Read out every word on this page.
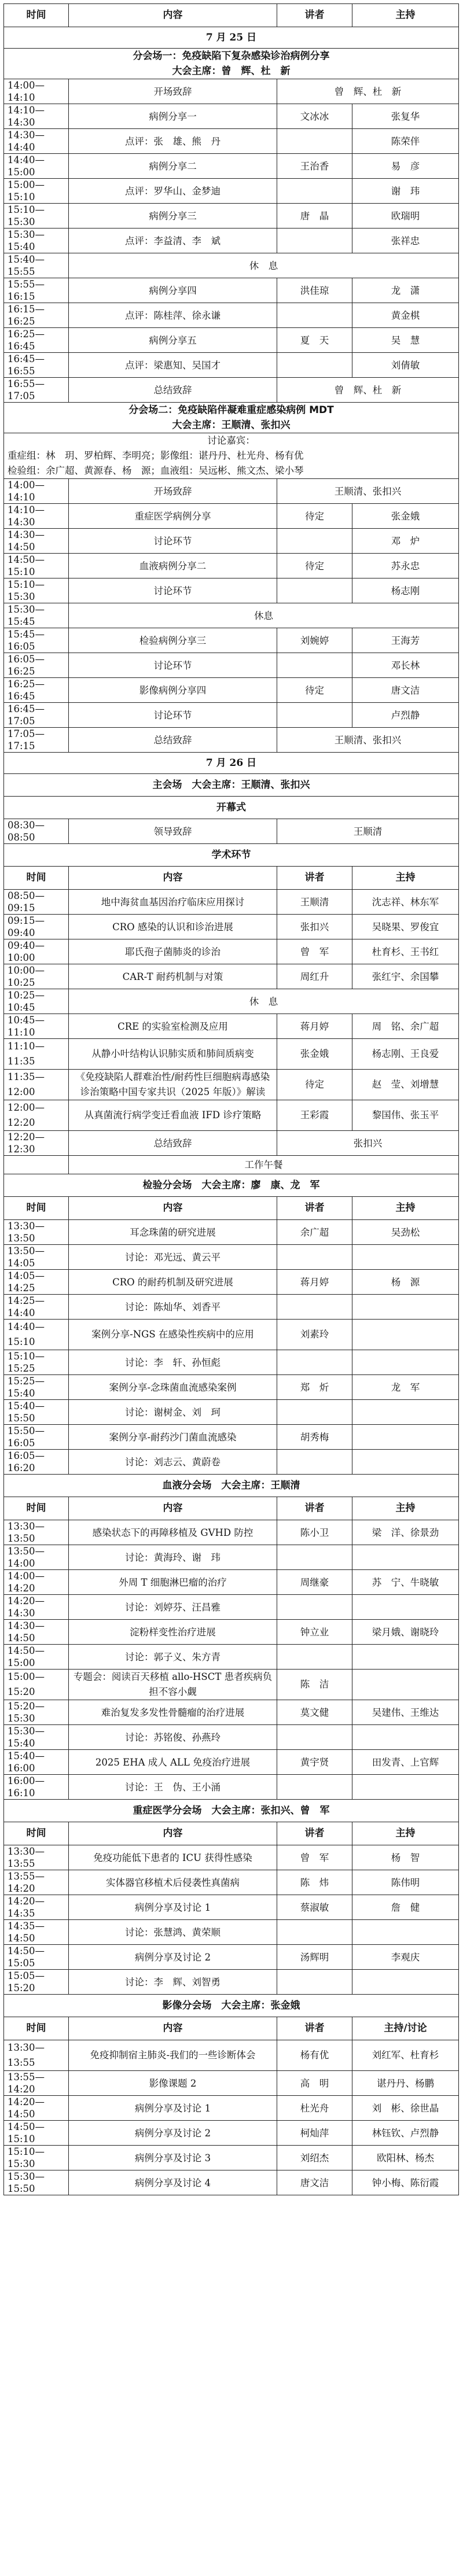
时间	内容	讲者	主持
7 月 25 日			

分会场一：免疫缺陷下复杂感染诊治病例分享
大会主席：曾　辉、杜　新			

14:00—14:10	开场致辞	曾　辉、杜　新	
14:10—14:30	病例分享一	文冰冰	张复华
14:30—14:40	点评：张　雄、熊　丹		陈荣伴
14:40—15:00	病例分享二	王治香	易　彦
15:00—15:10	点评：罗华山、金梦迪		谢　玮
15:10—15:30	病例分享三	唐　晶	欧瑞明
15:30—15:40	点评：李益清、李　斌		张祥忠
15:40—15:55	休　息		
15:55—16:15	病例分享四	洪佳琼	龙　潇
16:15—16:25	点评：陈桂萍、徐永谦		黄金棋
16:25—16:45	病例分享五	夏　天	吴　慧
16:45—16:55	点评：梁惠知、吴国才		刘倩敏
16:55—17:05	总结致辞	曾　辉、杜　新	

分会场二：免疫缺陷伴凝难重症感染病例 MDT
大会主席：王顺清、张扣兴			

讨论嘉宾：
重症组：林　玥、罗柏辉、李明亮；影像组：谌丹丹、杜光舟、杨有优
检验组：余广超、黄源春、杨　源；血液组：吴远彬、熊文杰、梁小琴			

14:00—14:10	开场致辞	王顺清、张扣兴	
14:10—14:30	重症医学病例分享	待定	张金娥
14:30—14:50	讨论环节		邓　炉
14:50—15:10	血液病例分享二	待定	苏永忠
15:10—15:30	讨论环节		杨志刚
15:30—15:45	休息		
15:45—16:05	检验病例分享三	刘婉婷	王海芳
16:05—16:25	讨论环节		邓长林
16:25—16:45	影像病例分享四	待定	唐文洁
16:45—17:05	讨论环节		卢烈静
17:05—17:15	总结致辞	王顺清、张扣兴	
7 月 26 日			

主会场　大会主席：王顺清、张扣兴			

开幕式			

08:30—08:50	领导致辞	王顺清	

学术环节			

时间	内容	讲者	主持
08:50—09:15	地中海贫血基因治疗临床应用探讨	王顺清	沈志祥、林东军
09:15—09:40	CRO 感染的认识和诊治进展	张扣兴	吴晓果、罗俊宜
09:40—10:00	耶氏孢子菌肺炎的诊治	曾　军	杜育杉、王书红
10:00—10:25	CAR-T 耐药机制与对策	周红升	张红宇、余国攀
10:25—10:45	休　息		
10:45—11:10	CRE 的实验室检测及应用	蒋月婷	周　铭、余广超
11:10—11:35	从静小叶结构认识肺实质和肺间质病变	张金娥	杨志刚、王良爱
11:35—12:00	《免疫缺陷人群难治性/耐药性巨细胞病毒感染诊治策略中国专家共识（2025 年版）》解读	待定	赵　莹、刘增慧
12:00—12:20	从真菌流行病学变迁看血液 IFD 诊疗策略	王彩霞	黎国伟、张玉平
12:20—12:30	总结致辞	张扣兴	
	工作午餐		

检验分会场　大会主席：廖　康、龙　军			

时间	内容	讲者	主持
13:30—13:50	耳念珠菌的研究进展	余广超	吴劲松
13:50—14:05	讨论：邓光远、黄云平		
14:05—14:25	CRO 的耐药机制及研究进展	蒋月婷	杨　源
14:25—14:40	讨论：陈灿华、刘香平		
14:40—15:10	案例分享-NGS 在感染性疾病中的应用	刘素玲	
15:10—15:25	讨论：李　轩、孙恒彪		
15:25—15:40	案例分享-念珠菌血流感染案例	郑　炘	龙　军
15:40—15:50	讨论：谢树金、刘　珂		
15:50—16:05	案例分享-耐药沙门菌血流感染	胡秀梅	
16:05—16:20	讨论：刘志云、黄蔚卷		

血液分会场　大会主席：王顺清			

时间	内容	讲者	主持
13:30—13:50	感染状态下的再障移植及 GVHD 防控	陈小卫	梁　洋、徐景劲
13:50—14:00	讨论：黄海玲、谢　玮		
14:00—14:20	外周 T 细胞淋巴瘤的治疗	周继豪	苏　宁、牛晓敏
14:20—14:30	讨论：刘婷芬、汪昌雅		
14:30—14:50	淀粉样变性治疗进展	钟立业	梁月娥、谢晓玲
14:50—15:00	讨论：郭子义、朱方青		
15:00—15:20	专题会：阅读百天移植 allo-HSCT 患者疾病负担不容小觑	陈　洁	
15:20—15:30	难治复发多发性骨髓瘤的治疗进展	莫文健	吴建伟、王维达
15:30—15:40	讨论：苏铭俊、孙燕玲		
15:40—16:00	2025 EHA 成人 ALL 免疫治疗进展	黄宇贤	田发青、上官辉
16:00—16:10	讨论：王　伪、王小涌		

重症医学分会场　大会主席：张扣兴、曾　军			

时间	内容	讲者	主持
13:30—13:55	免疫功能低下患者的 ICU 获得性感染	曾　军	杨　智
13:55—14:20	实体器官移植术后侵袭性真菌病	陈　炜	陈伟明
14:20—14:35	病例分享及讨论 1	蔡淑敏	詹　健
14:35—14:50	讨论：张慧鸿、黄荣顺		
14:50—15:05	病例分享及讨论 2	汤辉明	李观庆
15:05—15:20	讨论：李　辉、刘智勇		

影像分会场　大会主席：张金娥			

时间	内容	讲者	主持/讨论
13:30—13:55	免疫抑制宿主肺炎-我们的一些诊断体会	杨有优	刘红军、杜育杉
13:55—14:20	影像课题 2	高　明	谌丹丹、杨鹏
14:20—14:50	病例分享及讨论 1	杜光舟	刘　彬、徐世晶
14:50—15:10	病例分享及讨论 2	柯灿萍	林钰钦、卢烈静
15:10—15:30	病例分享及讨论 3	刘绍杰	欧阳林、杨杰
15:30—15:50	病例分享及讨论 4	唐文洁	钟小梅、陈衍霞
